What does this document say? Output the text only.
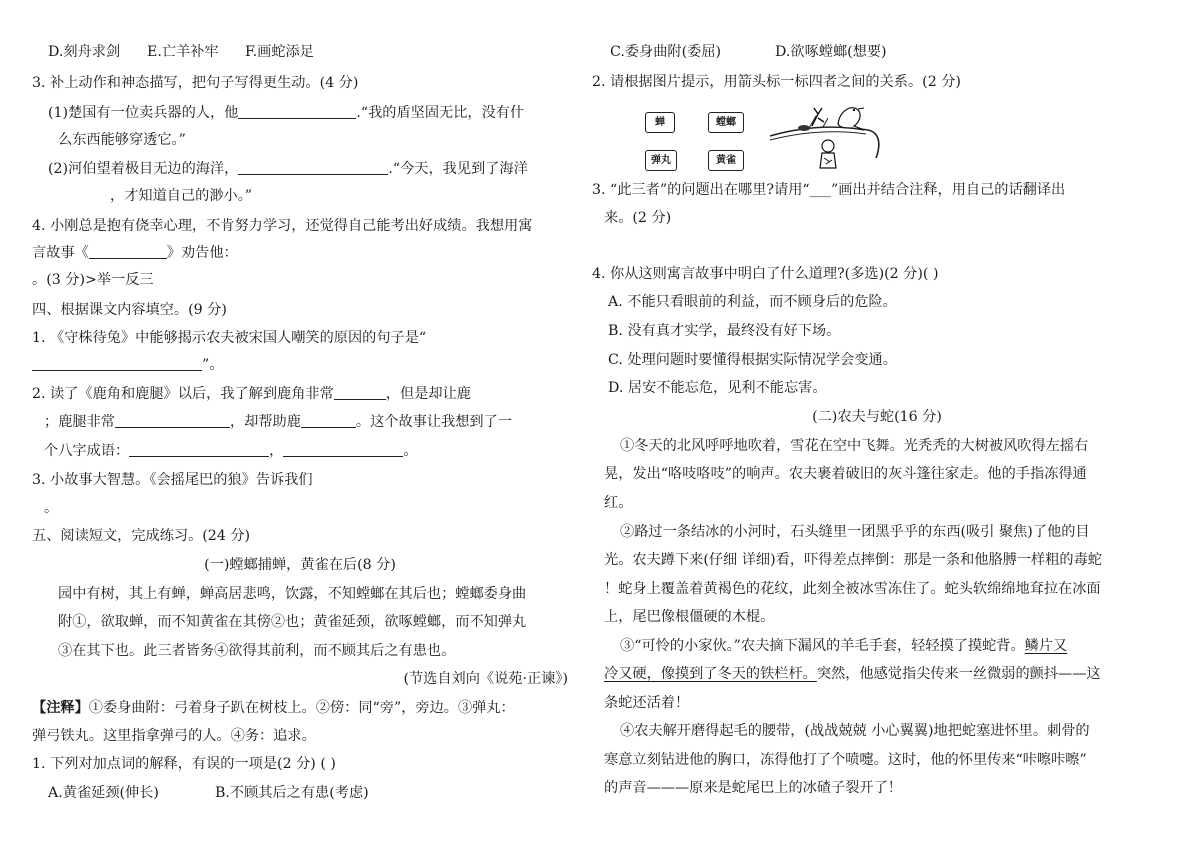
D.刻舟求剑 E.亡羊补牢 F.画蛇添足
3. 补上动作和神态描写，把句子写得更生动。(4 分)
(1)楚国有一位卖兵器的人，他	.“我的盾坚固无比，没有什
么东西能够穿透它。”
(2)河伯望着极目无边的海洋，	.“今天，我见到了海洋
，才知道自己的渺小。”
4. 小刚总是抱有侥幸心理，不肯努力学习，还觉得自己能考出好成绩。我想用寓
言故事《	》劝告他：
。(3 分)>举一反三
四、根据课文内容填空。(9 分)
1. 《守株待兔》中能够揭示农夫被宋国人嘲笑的原因的句子是“
”。
2. 读了《鹿角和鹿腿》以后，我了解到鹿角非常	，但是却让鹿
；鹿腿非常	，却帮助鹿	。这个故事让我想到了一
个八字成语：	，	。
3. 小故事大智慧。《会摇尾巴的狼》告诉我们
。
五、阅读短文，完成练习。(24 分)
(一)螳螂捕蝉，黄雀在后(8 分)
园中有树，其上有蝉，蝉高居悲鸣，饮露，不知螳螂在其后也；螳螂委身曲
附①，欲取蝉，而不知黄雀在其傍②也；黄雀延颈，欲啄螳螂，而不知弹丸
③在其下也。此三者皆务④欲得其前利，而不顾其后之有患也。
(节选自刘向《说苑·正谏》)
【注释】①委身曲附：弓着身子趴在树枝上。②傍：同“旁”，旁边。③弹丸：
弹弓铁丸。这里指拿弹弓的人。④务：追求。
1. 下列对加点词的解释，有误的一项是(2 分) ( )
A.黄雀延颈(伸长)	B.不顾其后之有患(考虑)
C.委身曲附(委屈)	D.欲啄螳螂(想要)
2. 请根据图片提示，用箭头标一标四者之间的关系。(2 分)
蝉	螳螂
弹丸	黄雀
3. “此三者”的问题出在哪里?请用“___”画出并结合注释，用自己的话翻译出
来。(2 分)
4. 你从这则寓言故事中明白了什么道理?(多选)(2 分)( )
A. 不能只看眼前的利益，而不顾身后的危险。
B. 没有真才实学，最终没有好下场。
C. 处理问题时要懂得根据实际情况学会变通。
D. 居安不能忘危，见利不能忘害。
(二)农夫与蛇(16 分)
①冬天的北风呼呼地吹着，雪花在空中飞舞。光秃秃的大树被风吹得左摇右
晃，发出“咯吱咯吱”的响声。农夫裹着破旧的灰斗篷往家走。他的手指冻得通
红。
②路过一条结冰的小河时，石头缝里一团黑乎乎的东西(吸引 聚焦)了他的目
光。农夫蹲下来(仔细 详细)看，吓得差点摔倒：那是一条和他胳膊一样粗的毒蛇
！蛇身上覆盖着黄褐色的花纹，此刻全被冰雪冻住了。蛇头软绵绵地耷拉在冰面
上，尾巴像根僵硬的木棍。
③“可怜的小家伙。”农夫摘下漏风的羊毛手套，轻轻摸了摸蛇背。鳞片又
冷又硬，像摸到了冬天的铁栏杆。突然，他感觉指尖传来一丝微弱的颤抖——这
条蛇还活着！
④农夫解开磨得起毛的腰带，(战战兢兢 小心翼翼)地把蛇塞进怀里。刺骨的
寒意立刻钻进他的胸口，冻得他打了个喷嚏。这时，他的怀里传来“咔嚓咔嚓”
的声音———原来是蛇尾巴上的冰碴子裂开了！
